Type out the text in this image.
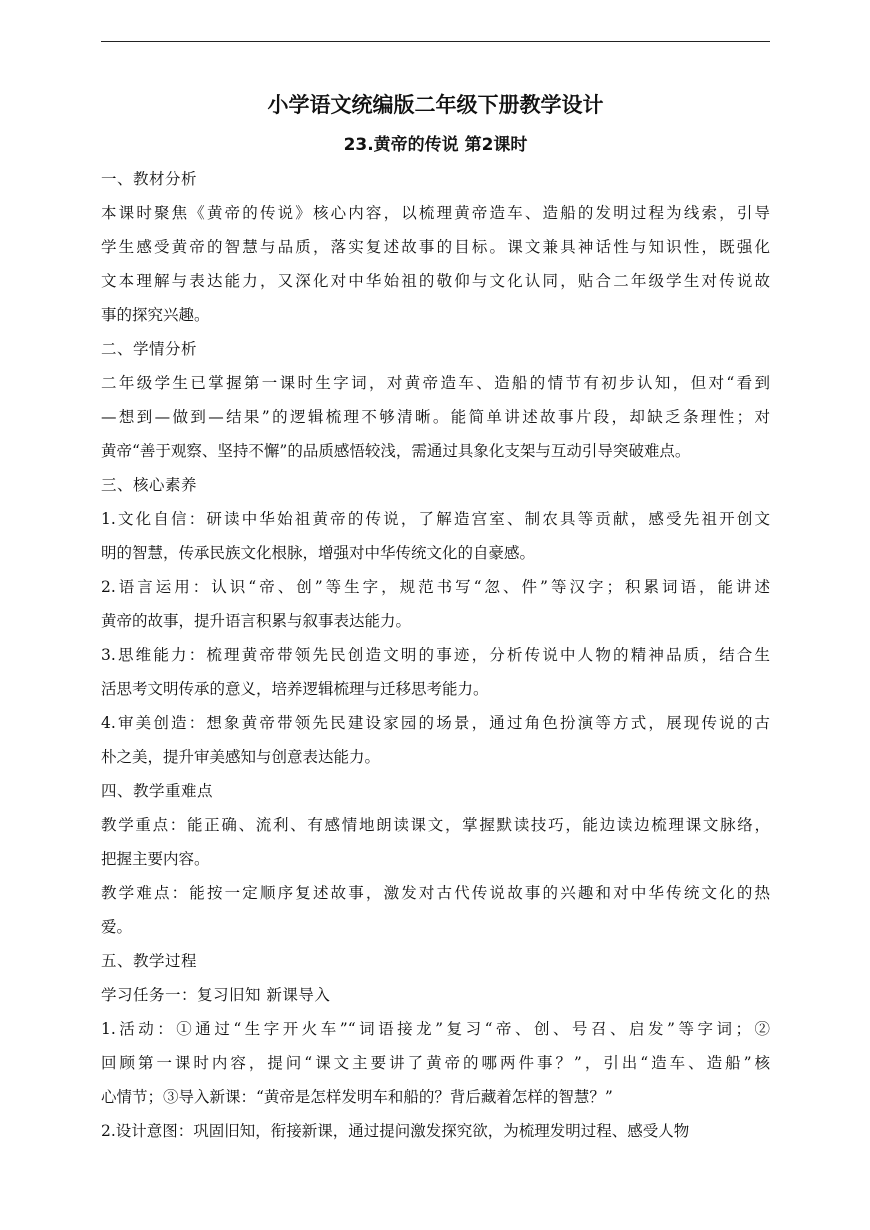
小学语文统编版二年级下册教学设计
23.黄帝的传说 第2课时
一、教材分析
本课时聚焦《黄帝的传说》核心内容，以梳理黄帝造车、造船的发明过程为线索，引导
学生感受黄帝的智慧与品质，落实复述故事的目标。课文兼具神话性与知识性，既强化
文本理解与表达能力，又深化对中华始祖的敬仰与文化认同，贴合二年级学生对传说故
事的探究兴趣。
二、学情分析
二年级学生已掌握第一课时生字词，对黄帝造车、造船的情节有初步认知，但对“看到
—想到—做到—结果”的逻辑梳理不够清晰。能简单讲述故事片段，却缺乏条理性；对
黄帝“善于观察、坚持不懈”的品质感悟较浅，需通过具象化支架与互动引导突破难点。
三、核心素养
1.文化自信：研读中华始祖黄帝的传说，了解造宫室、制农具等贡献，感受先祖开创文
明的智慧，传承民族文化根脉，增强对中华传统文化的自豪感。
2.语言运用：认识“帝、创”等生字，规范书写“忽、件”等汉字；积累词语，能讲述
黄帝的故事，提升语言积累与叙事表达能力。
3.思维能力：梳理黄帝带领先民创造文明的事迹，分析传说中人物的精神品质，结合生
活思考文明传承的意义，培养逻辑梳理与迁移思考能力。
4.审美创造：想象黄帝带领先民建设家园的场景，通过角色扮演等方式，展现传说的古
朴之美，提升审美感知与创意表达能力。
四、教学重难点
教学重点：能正确、流利、有感情地朗读课文，掌握默读技巧，能边读边梳理课文脉络，
把握主要内容。
教学难点：能按一定顺序复述故事，激发对古代传说故事的兴趣和对中华传统文化的热
爱。
五、教学过程
学习任务一：复习旧知 新课导入
1.活动：①通过“生字开火车”“词语接龙”复习“帝、创、号召、启发”等字词；②
回顾第一课时内容，提问“课文主要讲了黄帝的哪两件事？”，引出“造车、造船”核
心情节；③导入新课：“黄帝是怎样发明车和船的？背后藏着怎样的智慧？”
2.设计意图：巩固旧知，衔接新课，通过提问激发探究欲，为梳理发明过程、感受人物
